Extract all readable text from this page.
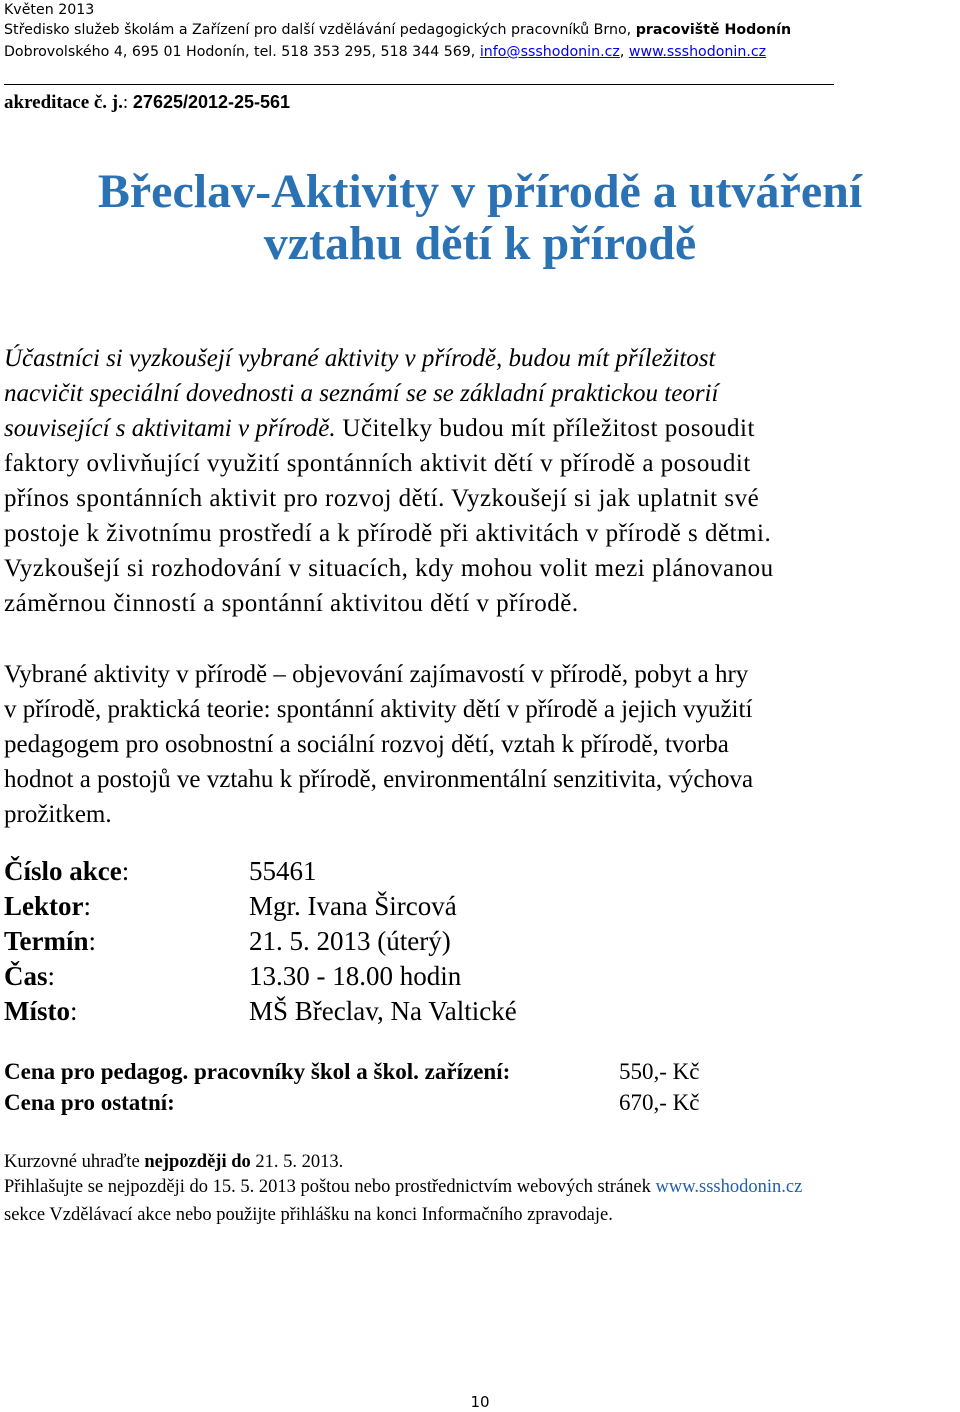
Květen 2013
Středisko služeb školám a Zařízení pro další vzdělávání pedagogických pracovníků Brno, pracoviště Hodonín
Dobrovolského 4, 695 01 Hodonín, tel. 518 353 295, 518 344 569, info@ssshodonin.cz, www.ssshodonin.cz
akreditace č. j.: 27625/2012-25-561
Břeclav-Aktivity v přírodě a utváření
vztahu dětí k přírodě
Účastníci si vyzkoušejí vybrané aktivity v přírodě, budou mít příležitost
nacvičit speciální dovednosti a seznámí se se základní praktickou teorií
související s aktivitami v přírodě. Učitelky budou mít příležitost posoudit
faktory ovlivňující využití spontánních aktivit dětí v přírodě a posoudit
přínos spontánních aktivit pro rozvoj dětí. Vyzkoušejí si jak uplatnit své
postoje k životnímu prostředí a k přírodě při aktivitách v přírodě s dětmi.
Vyzkoušejí si rozhodování v situacích, kdy mohou volit mezi plánovanou
záměrnou činností a spontánní aktivitou dětí v přírodě.
Vybrané aktivity v přírodě – objevování zajímavostí v přírodě, pobyt a hry
v přírodě, praktická teorie: spontánní aktivity dětí v přírodě a jejich využití
pedagogem pro osobnostní a sociální rozvoj dětí, vztah k přírodě, tvorba
hodnot a postojů ve vztahu k přírodě, environmentální senzitivita, výchova
prožitkem.
Číslo akce:	55461
Lektor:	Mgr. Ivana Šircová
Termín:	21. 5. 2013 (úterý)
Čas:	13.30 - 18.00 hodin
Místo:	MŠ Břeclav, Na Valtické
Cena pro pedagog. pracovníky škol a škol. zařízení:	550,- Kč
Cena pro ostatní:	670,- Kč
Kurzovné uhraďte nejpozději do 21. 5. 2013.
Přihlašujte se nejpozději do 15. 5. 2013 poštou nebo prostřednictvím webových stránek www.ssshodonin.cz
sekce Vzdělávací akce nebo použijte přihlášku na konci Informačního zpravodaje.
10
